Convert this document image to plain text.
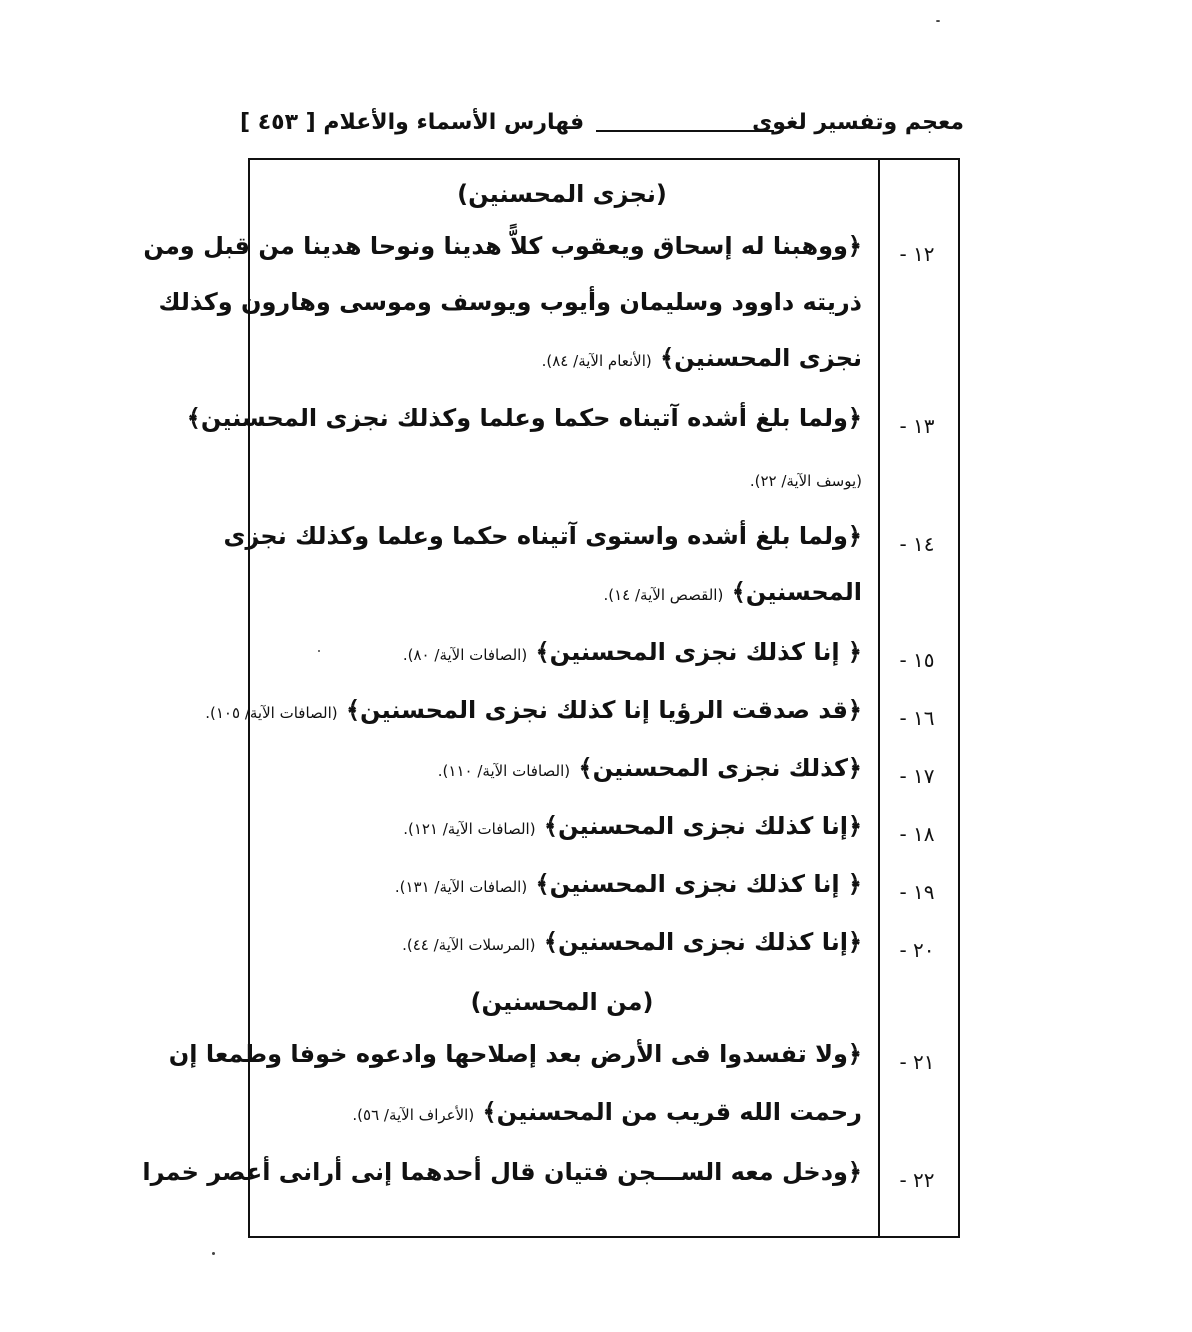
معجم وتفسير لغوى
فهارس الأسماء والأعلام [ ٤٥٣ ]
(نجزى المحسنين)
١٢ -
﴿ووهبنا له إسحاق ويعقوب كلاًّ هدينا ونوحا هدينا من قبل ومن
ذريته داوود وسليمان وأيوب ويوسف وموسى وهارون وكذلك
نجزى المحسنين﴾ (الأنعام الآية/ ٨٤).
١٣ -
﴿ولما بلغ أشده آتيناه حكما وعلما وكذلك نجزى المحسنين﴾
(يوسف الآية/ ٢٢).
١٤ -
﴿ولما بلغ أشده واستوى آتيناه حكما وعلما وكذلك نجزى
المحسنين﴾ (القصص الآية/ ١٤).
١٥ -
﴿ إنا كذلك نجزى المحسنين﴾ (الصافات الآية/ ٨٠).
١٦ -
﴿قد صدقت الرؤيا إنا كذلك نجزى المحسنين﴾ (الصافات الآية/ ١٠٥).
١٧ -
﴿كذلك نجزى المحسنين﴾ (الصافات الآية/ ١١٠).
١٨ -
﴿إنا كذلك نجزى المحسنين﴾ (الصافات الآية/ ١٢١).
١٩ -
﴿ إنا كذلك نجزى المحسنين﴾ (الصافات الآية/ ١٣١).
٢٠ -
﴿إنا كذلك نجزى المحسنين﴾ (المرسلات الآية/ ٤٤).
(من المحسنين)
٢١ -
﴿ولا تفسدوا فى الأرض بعد إصلاحها وادعوه خوفا وطمعا إن
رحمت الله قريب من المحسنين﴾ (الأعراف الآية/ ٥٦).
٢٢ -
﴿ودخل معه الســـجن فتيان قال أحدهما إنى أرانى أعصر خمرا
